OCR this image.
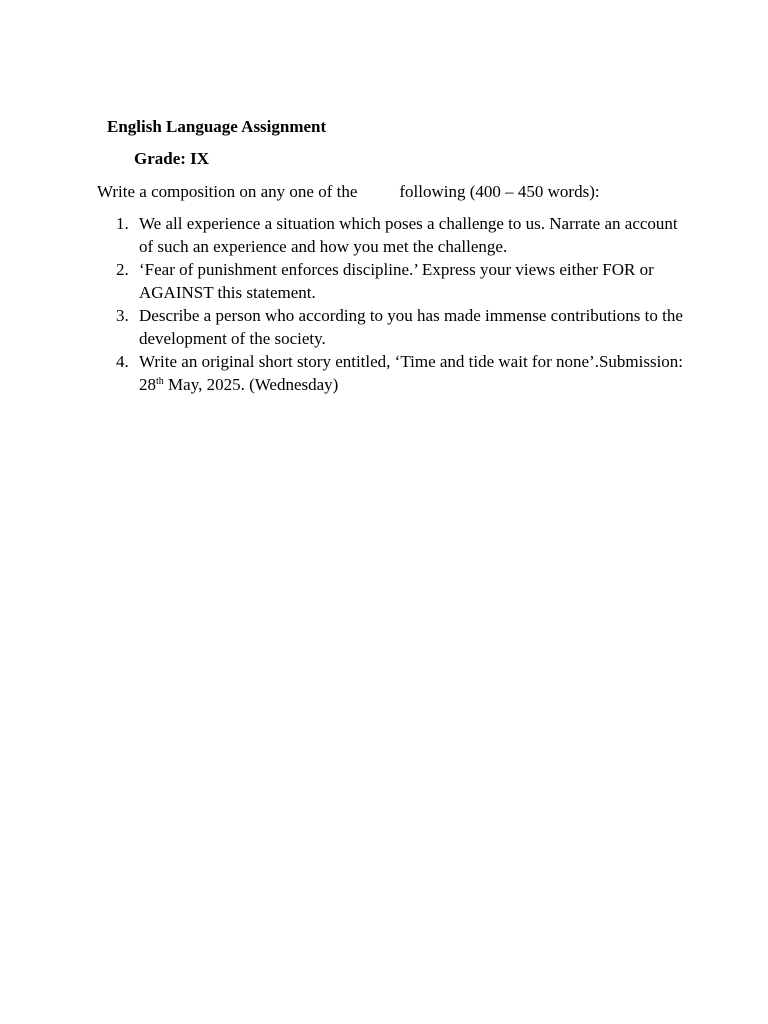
English Language Assignment
Grade: IX
Write a composition on any one of the following (400 – 450 words):
1. We all experience a situation which poses a challenge to us. Narrate an account of such an experience and how you met the challenge.
2. ‘Fear of punishment enforces discipline.’ Express your views either FOR or AGAINST this statement.
3. Describe a person who according to you has made immense contributions to the development of the society.
4. Write an original short story entitled, ‘Time and tide wait for none’.Submission: 28th May, 2025. (Wednesday)
